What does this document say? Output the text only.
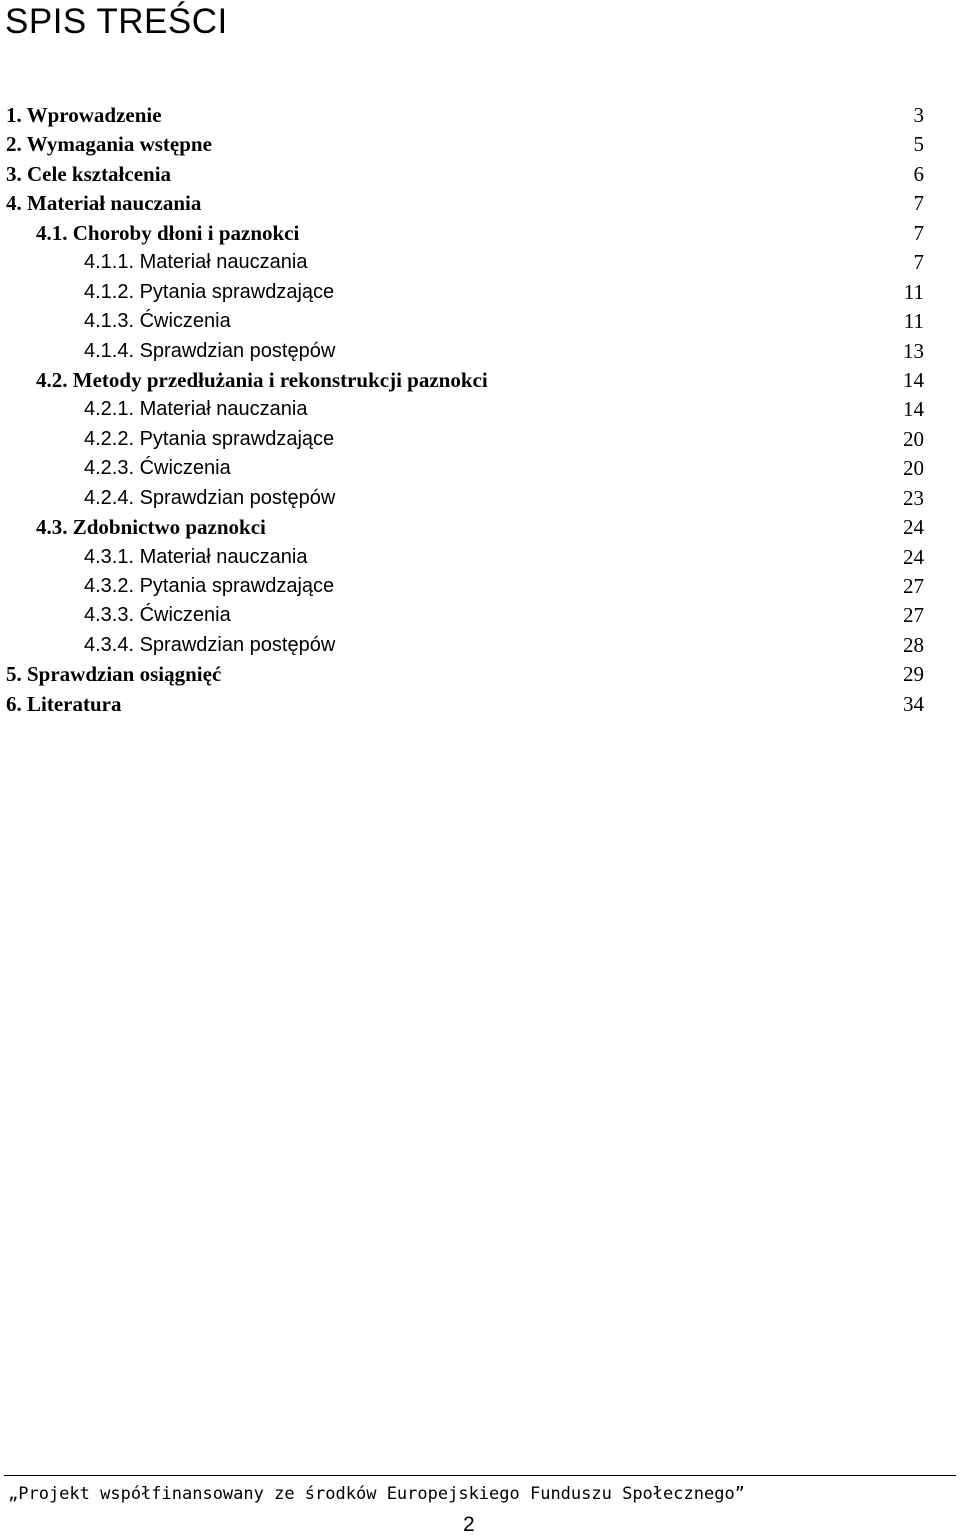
SPIS TREŚCI
1. Wprowadzenie	3
2. Wymagania wstępne	5
3. Cele kształcenia	6
4. Materiał nauczania	7
4.1. Choroby dłoni i paznokci	7
4.1.1. Materiał nauczania	7
4.1.2. Pytania sprawdzające	11
4.1.3. Ćwiczenia	11
4.1.4. Sprawdzian postępów	13
4.2. Metody przedłużania i rekonstrukcji paznokci	14
4.2.1. Materiał nauczania	14
4.2.2. Pytania sprawdzające	20
4.2.3. Ćwiczenia	20
4.2.4. Sprawdzian postępów	23
4.3. Zdobnictwo paznokci	24
4.3.1. Materiał nauczania	24
4.3.2. Pytania sprawdzające	27
4.3.3. Ćwiczenia	27
4.3.4. Sprawdzian postępów	28
5. Sprawdzian osiągnięć	29
6. Literatura	34
„Projekt współfinansowany ze środków Europejskiego Funduszu Społecznego”
2
